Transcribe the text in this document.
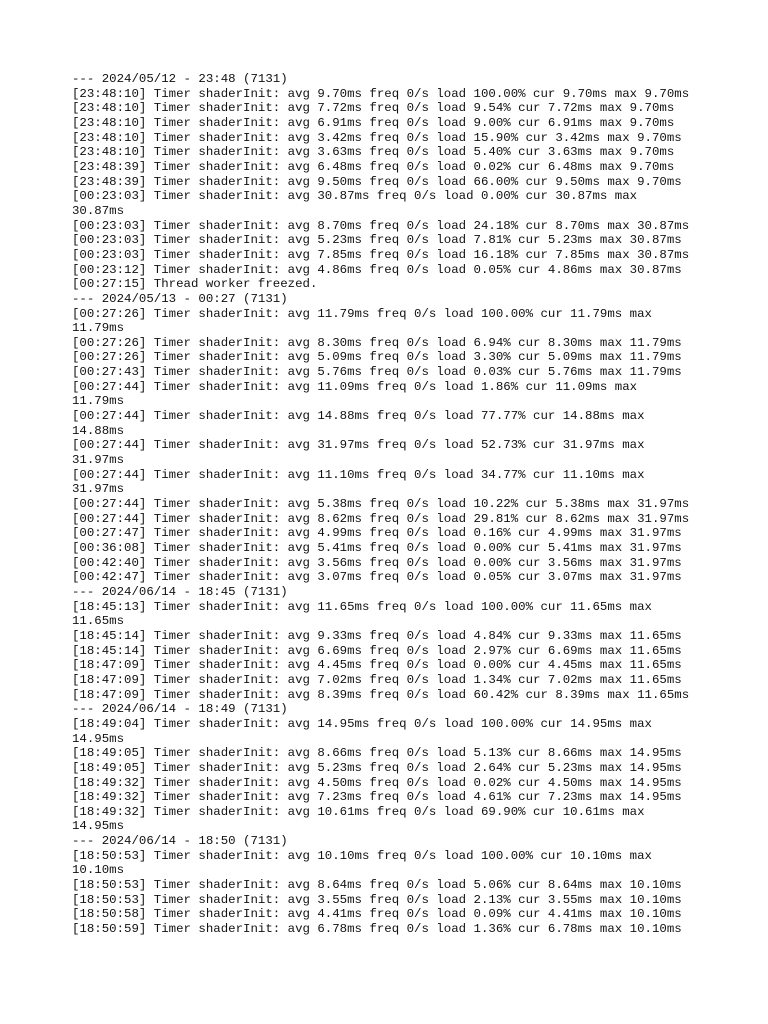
--- 2024/05/12 - 23:48 (7131)
[23:48:10] Timer shaderInit: avg 9.70ms freq 0/s load 100.00% cur 9.70ms max 9.70ms
[23:48:10] Timer shaderInit: avg 7.72ms freq 0/s load 9.54% cur 7.72ms max 9.70ms
[23:48:10] Timer shaderInit: avg 6.91ms freq 0/s load 9.00% cur 6.91ms max 9.70ms
[23:48:10] Timer shaderInit: avg 3.42ms freq 0/s load 15.90% cur 3.42ms max 9.70ms
[23:48:10] Timer shaderInit: avg 3.63ms freq 0/s load 5.40% cur 3.63ms max 9.70ms
[23:48:39] Timer shaderInit: avg 6.48ms freq 0/s load 0.02% cur 6.48ms max 9.70ms
[23:48:39] Timer shaderInit: avg 9.50ms freq 0/s load 66.00% cur 9.50ms max 9.70ms
[00:23:03] Timer shaderInit: avg 30.87ms freq 0/s load 0.00% cur 30.87ms max
30.87ms
[00:23:03] Timer shaderInit: avg 8.70ms freq 0/s load 24.18% cur 8.70ms max 30.87ms
[00:23:03] Timer shaderInit: avg 5.23ms freq 0/s load 7.81% cur 5.23ms max 30.87ms
[00:23:03] Timer shaderInit: avg 7.85ms freq 0/s load 16.18% cur 7.85ms max 30.87ms
[00:23:12] Timer shaderInit: avg 4.86ms freq 0/s load 0.05% cur 4.86ms max 30.87ms
[00:27:15] Thread worker freezed.
--- 2024/05/13 - 00:27 (7131)
[00:27:26] Timer shaderInit: avg 11.79ms freq 0/s load 100.00% cur 11.79ms max
11.79ms
[00:27:26] Timer shaderInit: avg 8.30ms freq 0/s load 6.94% cur 8.30ms max 11.79ms
[00:27:26] Timer shaderInit: avg 5.09ms freq 0/s load 3.30% cur 5.09ms max 11.79ms
[00:27:43] Timer shaderInit: avg 5.76ms freq 0/s load 0.03% cur 5.76ms max 11.79ms
[00:27:44] Timer shaderInit: avg 11.09ms freq 0/s load 1.86% cur 11.09ms max
11.79ms
[00:27:44] Timer shaderInit: avg 14.88ms freq 0/s load 77.77% cur 14.88ms max
14.88ms
[00:27:44] Timer shaderInit: avg 31.97ms freq 0/s load 52.73% cur 31.97ms max
31.97ms
[00:27:44] Timer shaderInit: avg 11.10ms freq 0/s load 34.77% cur 11.10ms max
31.97ms
[00:27:44] Timer shaderInit: avg 5.38ms freq 0/s load 10.22% cur 5.38ms max 31.97ms
[00:27:44] Timer shaderInit: avg 8.62ms freq 0/s load 29.81% cur 8.62ms max 31.97ms
[00:27:47] Timer shaderInit: avg 4.99ms freq 0/s load 0.16% cur 4.99ms max 31.97ms
[00:36:08] Timer shaderInit: avg 5.41ms freq 0/s load 0.00% cur 5.41ms max 31.97ms
[00:42:40] Timer shaderInit: avg 3.56ms freq 0/s load 0.00% cur 3.56ms max 31.97ms
[00:42:47] Timer shaderInit: avg 3.07ms freq 0/s load 0.05% cur 3.07ms max 31.97ms
--- 2024/06/14 - 18:45 (7131)
[18:45:13] Timer shaderInit: avg 11.65ms freq 0/s load 100.00% cur 11.65ms max
11.65ms
[18:45:14] Timer shaderInit: avg 9.33ms freq 0/s load 4.84% cur 9.33ms max 11.65ms
[18:45:14] Timer shaderInit: avg 6.69ms freq 0/s load 2.97% cur 6.69ms max 11.65ms
[18:47:09] Timer shaderInit: avg 4.45ms freq 0/s load 0.00% cur 4.45ms max 11.65ms
[18:47:09] Timer shaderInit: avg 7.02ms freq 0/s load 1.34% cur 7.02ms max 11.65ms
[18:47:09] Timer shaderInit: avg 8.39ms freq 0/s load 60.42% cur 8.39ms max 11.65ms
--- 2024/06/14 - 18:49 (7131)
[18:49:04] Timer shaderInit: avg 14.95ms freq 0/s load 100.00% cur 14.95ms max
14.95ms
[18:49:05] Timer shaderInit: avg 8.66ms freq 0/s load 5.13% cur 8.66ms max 14.95ms
[18:49:05] Timer shaderInit: avg 5.23ms freq 0/s load 2.64% cur 5.23ms max 14.95ms
[18:49:32] Timer shaderInit: avg 4.50ms freq 0/s load 0.02% cur 4.50ms max 14.95ms
[18:49:32] Timer shaderInit: avg 7.23ms freq 0/s load 4.61% cur 7.23ms max 14.95ms
[18:49:32] Timer shaderInit: avg 10.61ms freq 0/s load 69.90% cur 10.61ms max
14.95ms
--- 2024/06/14 - 18:50 (7131)
[18:50:53] Timer shaderInit: avg 10.10ms freq 0/s load 100.00% cur 10.10ms max
10.10ms
[18:50:53] Timer shaderInit: avg 8.64ms freq 0/s load 5.06% cur 8.64ms max 10.10ms
[18:50:53] Timer shaderInit: avg 3.55ms freq 0/s load 2.13% cur 3.55ms max 10.10ms
[18:50:58] Timer shaderInit: avg 4.41ms freq 0/s load 0.09% cur 4.41ms max 10.10ms
[18:50:59] Timer shaderInit: avg 6.78ms freq 0/s load 1.36% cur 6.78ms max 10.10ms
